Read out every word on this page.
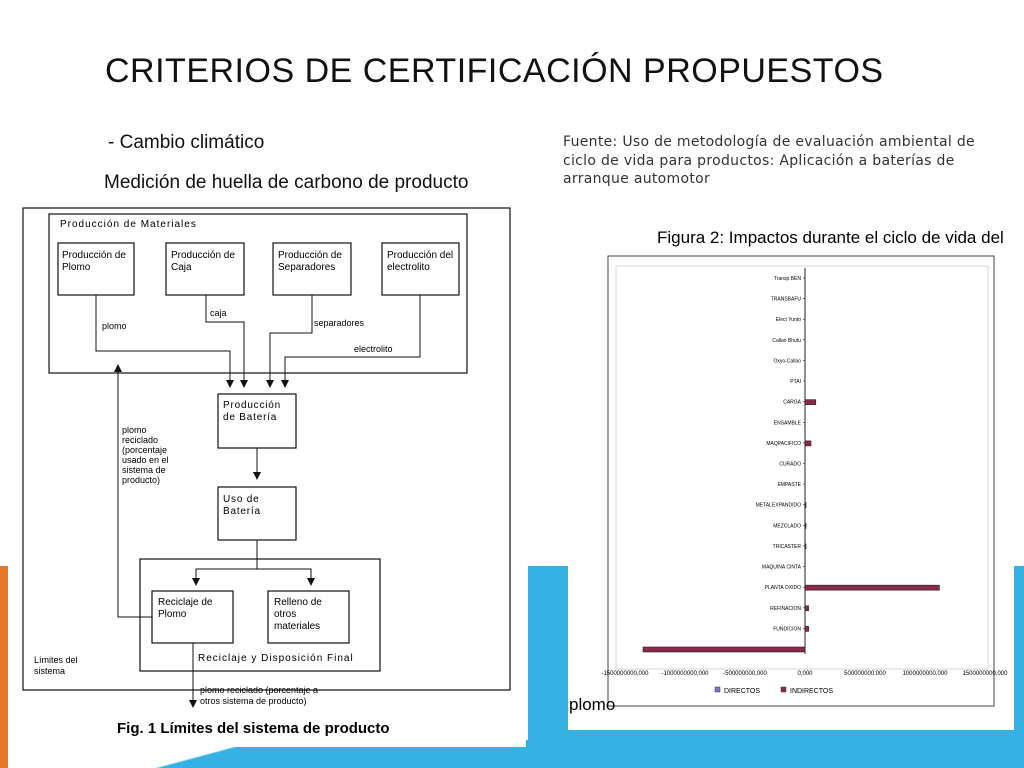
CRITERIOS DE CERTIFICACIÓN PROPUESTOS
- Cambio climático
Medición de huella de carbono de producto
Fuente: Uso de metodología de evaluación ambiental de ciclo de vida para productos: Aplicación a baterías de arranque automotor
Producción de Materiales
Producción de
Plomo
Producción de
Caja
Producción de
Separadores
Producción del
electrolito
plomo
caja
separadores
electrolito
Producción
de Batería
Uso de
Batería
Reciclaje de
Plomo
Relleno de
otros
materiales
Reciclaje y Disposición Final
plomo
reciclado
(porcentaje
usado en el
sistema de
producto)
plomo reciclado (porcentaje a
otros sistema de producto)
Límites del
sistema
Fig. 1 Límites del sistema de producto
Figura 2: Impactos durante el ciclo de vida del
Transp BEN
TRANSBAFU
Elect Yunto
Callao Bhutu
Oxyo-Callao
PTAI
CARGA
ENSAMBLE
MAQPACIFICO
CURADO
EMPASTE
METALEXPANDIDO
MEZCLADO
TRICASTER
MAQUINA CINTA
PLANTA OXIDO
REFINACION
FUNDICION
-1500000000,000 -1000000000,000 -500000000,000	0,000	500000000,000	1000000000,000 1500000000,000
DIRECTOS	INDIRECTOS
plomo
